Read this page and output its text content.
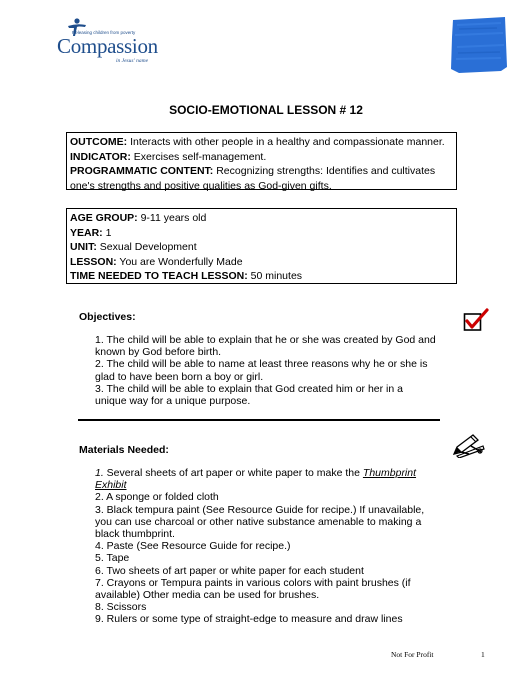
Releasing children from poverty
Compassion
in Jesus' name
SOCIO-EMOTIONAL LESSON # 12
OUTCOME: Interacts with other people in a healthy and compassionate manner.
INDICATOR: Exercises self-management.
PROGRAMMATIC CONTENT: Recognizing strengths: Identifies and cultivates
one's strengths and positive qualities as God-given gifts.
AGE GROUP: 9-11 years old
YEAR: 1
UNIT: Sexual Development
LESSON: You are Wonderfully Made
TIME NEEDED TO TEACH LESSON: 50 minutes
Objectives:
1. The child will be able to explain that he or she was created by God and
known by God before birth.
2. The child will be able to name at least three reasons why he or she is
glad to have been born a boy or girl.
3. The child will be able to explain that God created him or her in a
unique way for a unique purpose.
Materials Needed:
1. Several sheets of art paper or white paper to make the Thumbprint
Exhibit
2. A sponge or folded cloth
3. Black tempura paint (See Resource Guide for recipe.) If unavailable,
you can use charcoal or other native substance amenable to making a
black thumbprint.
4. Paste (See Resource Guide for recipe.)
5. Tape
6. Two sheets of art paper or white paper for each student
7. Crayons or Tempura paints in various colors with paint brushes (if
available) Other media can be used for brushes.
8. Scissors
9. Rulers or some type of straight-edge to measure and draw lines
Not For Profit	1
